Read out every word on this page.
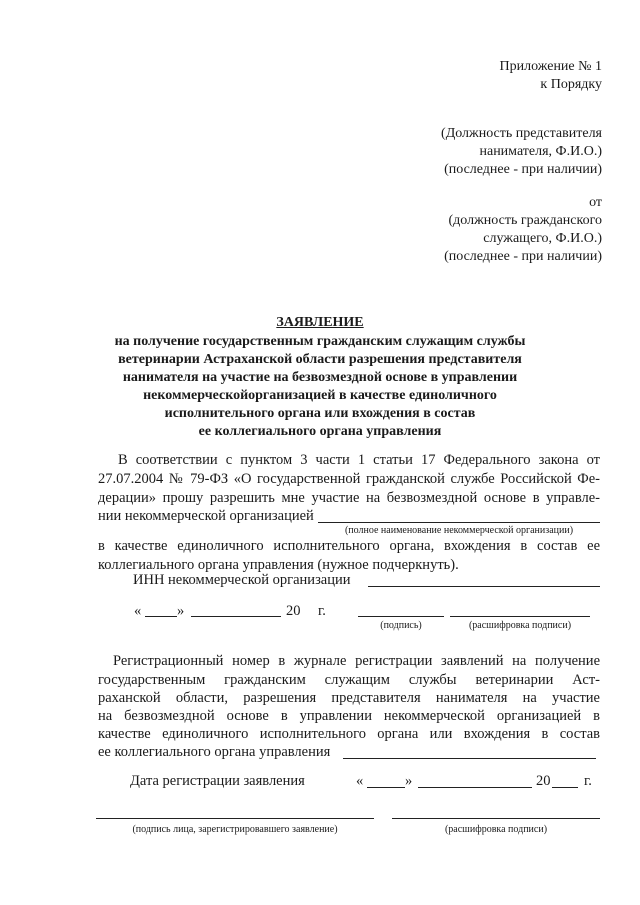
Приложение № 1
к Порядку
(Должность представителя
нанимателя, Ф.И.О.)
(последнее - при наличии)
от
(должность гражданского
служащего, Ф.И.О.)
(последнее - при наличии)
ЗАЯВЛЕНИЕ
на получение государственным гражданским служащим службы
ветеринарии Астраханской области разрешения представителя
нанимателя на участие на безвозмездной основе в управлении
некоммерческойорганизацией в качестве единоличного
исполнительного органа или вхождения в состав
ее коллегиального органа управления
В соответствии с пунктом 3 части 1 статьи 17 Федерального закона от
27.07.2004 № 79-ФЗ «О государственной гражданской службе Российской Фе-
дерации» прошу разрешить мне участие на безвозмездной основе в управле-
нии некоммерческой организацией
(полное наименование некоммерческой организации)
в качестве единоличного исполнительного органа, вхождения в состав ее
коллегиального органа управления (нужное подчеркнуть).
ИНН некоммерческой организации
« »	20 г.
(подпись)	(расшифровка подписи)
Регистрационный номер в журнале регистрации заявлений на получение
государственным гражданским служащим службы ветеринарии Аст-
раханской области, разрешения представителя нанимателя на участие
на безвозмездной основе в управлении некоммерческой организацией в
качестве единоличного исполнительного органа или вхождения в состав
ее коллегиального органа управления
Дата регистрации заявления	«	»	20 г.
(подпись лица, зарегистрировавшего заявление)	(расшифровка подписи)
